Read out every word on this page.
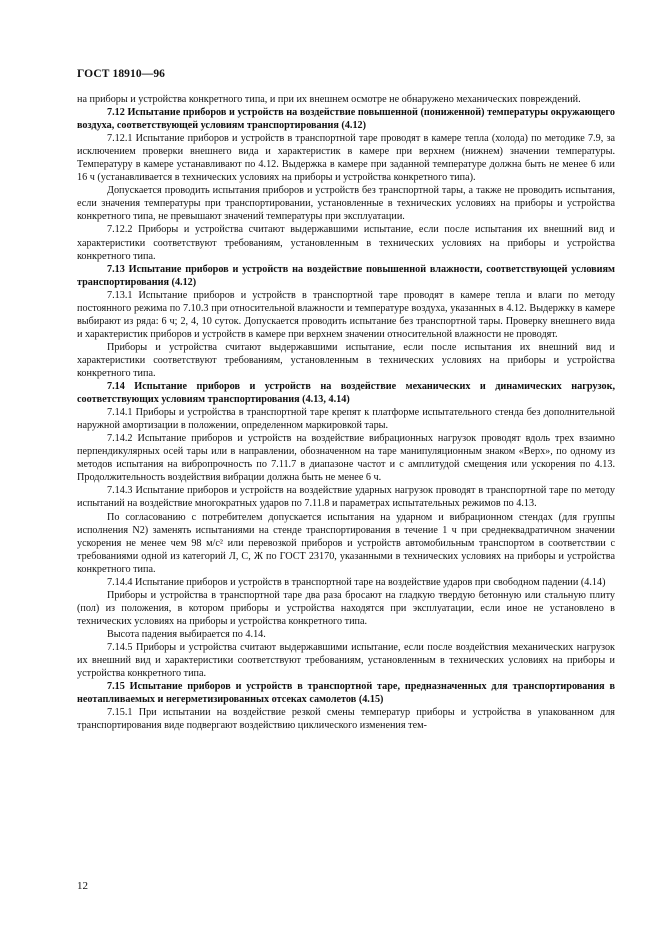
ГОСТ 18910—96

на приборы и устройства конкретного типа, и при их внешнем осмотре не обнаружено механических повреждений.

7.12 Испытание приборов и устройств на воздействие повышенной (пониженной) температуры окружающего воздуха, соответствующей условиям транспортирования (4.12)

7.12.1 Испытание приборов и устройств в транспортной таре проводят в камере тепла (холода) по методике 7.9, за исключением проверки внешнего вида и характеристик в камере при верхнем (нижнем) значении температуры. Температуру в камере устанавливают по 4.12. Выдержка в камере при заданной температуре должна быть не менее 6 или 16 ч (устанавливается в технических условиях на приборы и устройства конкретного типа).

Допускается проводить испытания приборов и устройств без транспортной тары, а также не проводить испытания, если значения температуры при транспортировании, установленные в технических условиях на приборы и устройства конкретного типа, не превышают значений температуры при эксплуатации.

7.12.2 Приборы и устройства считают выдержавшими испытание, если после испытания их внешний вид и характеристики соответствуют требованиям, установленным в технических условиях на приборы и устройства конкретного типа.

7.13 Испытание приборов и устройств на воздействие повышенной влажности, соответствующей условиям транспортирования (4.12)

7.13.1 Испытание приборов и устройств в транспортной таре проводят в камере тепла и влаги по методу постоянного режима по 7.10.3 при относительной влажности и температуре воздуха, указанных в 4.12. Выдержку в камере выбирают из ряда: 6 ч; 2, 4, 10 суток. Допускается проводить испытание без транспортной тары. Проверку внешнего вида и характеристик приборов и устройств в камере при верхнем значении относительной влажности не проводят.

Приборы и устройства считают выдержавшими испытание, если после испытания их внешний вид и характеристики соответствуют требованиям, установленным в технических условиях на приборы и устройства конкретного типа.

7.14 Испытание приборов и устройств на воздействие механических и динамических нагрузок, соответствующих условиям транспортирования (4.13, 4.14)

7.14.1 Приборы и устройства в транспортной таре крепят к платформе испытательного стенда без дополнительной наружной амортизации в положении, определенном маркировкой тары.

7.14.2 Испытание приборов и устройств на воздействие вибрационных нагрузок проводят вдоль трех взаимно перпендикулярных осей тары или в направлении, обозначенном на таре манипуляционным знаком «Верх», по одному из методов испытания на вибропрочность по 7.11.7 в диапазоне частот и с амплитудой смещения или ускорения по 4.13. Продолжительность воздействия вибрации должна быть не менее 6 ч.

7.14.3 Испытание приборов и устройств на воздействие ударных нагрузок проводят в транспортной таре по методу испытаний на воздействие многократных ударов по 7.11.8 и параметрах испытательных режимов по 4.13.

По согласованию с потребителем допускается испытания на ударном и вибрационном стендах (для группы исполнения N2) заменять испытаниями на стенде транспортирования в течение 1 ч при среднеквадратичном значении ускорения не менее чем 98 м/с² или перевозкой приборов и устройств автомобильным транспортом в соответствии с требованиями одной из категорий Л, С, Ж по ГОСТ 23170, указанными в технических условиях на приборы и устройства конкретного типа.

7.14.4 Испытание приборов и устройств в транспортной таре на воздействие ударов при свободном падении (4.14)

Приборы и устройства в транспортной таре два раза бросают на гладкую твердую бетонную или стальную плиту (пол) из положения, в котором приборы и устройства находятся при эксплуатации, если иное не установлено в технических условиях на приборы и устройства конкретного типа.

Высота падения выбирается по 4.14.

7.14.5 Приборы и устройства считают выдержавшими испытание, если после воздействия механических нагрузок их внешний вид и характеристики соответствуют требованиям, установленным в технических условиях на приборы и устройства конкретного типа.

7.15 Испытание приборов и устройств в транспортной таре, предназначенных для транспортирования в неотапливаемых и негерметизированных отсеках самолетов (4.15)

7.15.1 При испытании на воздействие резкой смены температур приборы и устройства в упакованном для транспортирования виде подвергают воздействию циклического изменения тем-

12
